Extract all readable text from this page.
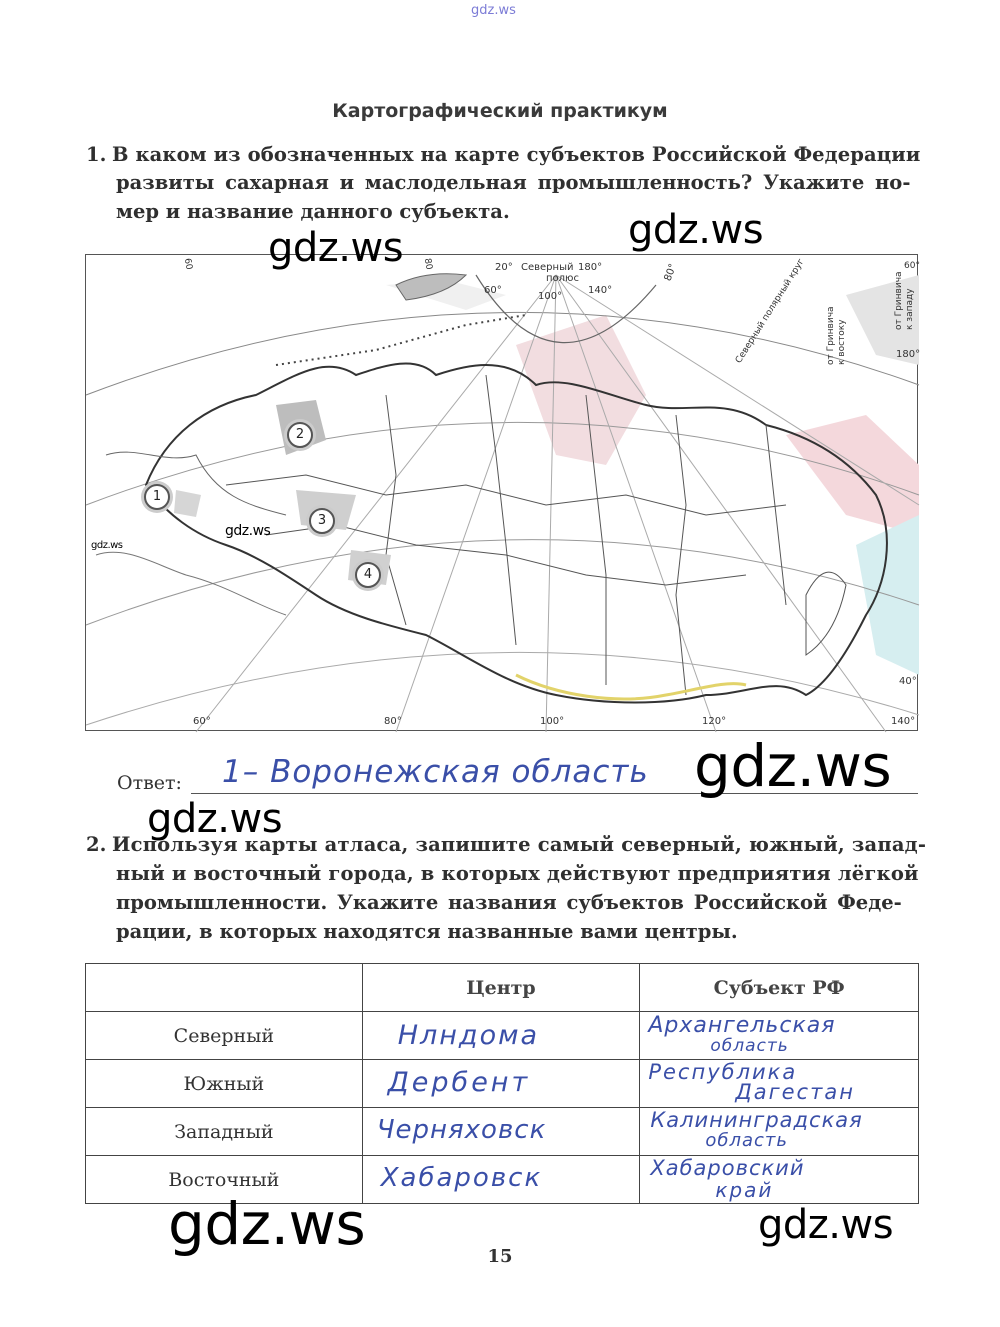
gdz.ws
Картографический практикум
1. В каком из обозначенных на карте субъектов Российской Федерации
развиты сахарная и маслодельная промышленность? Укажите но-
мер и название данного субъекта.
20° Северный 180°
полюс
60°
100°
140°
80°
180°
Северный полярный круг от Гринвича к востоку
от Гринвича к западу
60°
60	80
40°
60°	80°	100°	120°	140°
1
2
3
4
gdz.ws
gdz.ws
gdz.ws	gdz.ws
Ответ: 1– Воронежская область gdz.ws
gdz.ws
2. Используя карты атласа, запишите самый северный, южный, запад-
ный и восточный города, в которых действуют предприятия лёгкой
промышленности. Укажите названия субъектов Российской Феде-
рации, в которых находятся названные вами центры.
	Центр	Субъект РФ
Северный	Нлндома	Архангельская
область

Южный	Дербент	Республика
Дагестан

Западный	Черняховск	Калининградская
область

Восточный	Хабаровск	Хабаровский
край
gdz.ws	gdz.ws
15
